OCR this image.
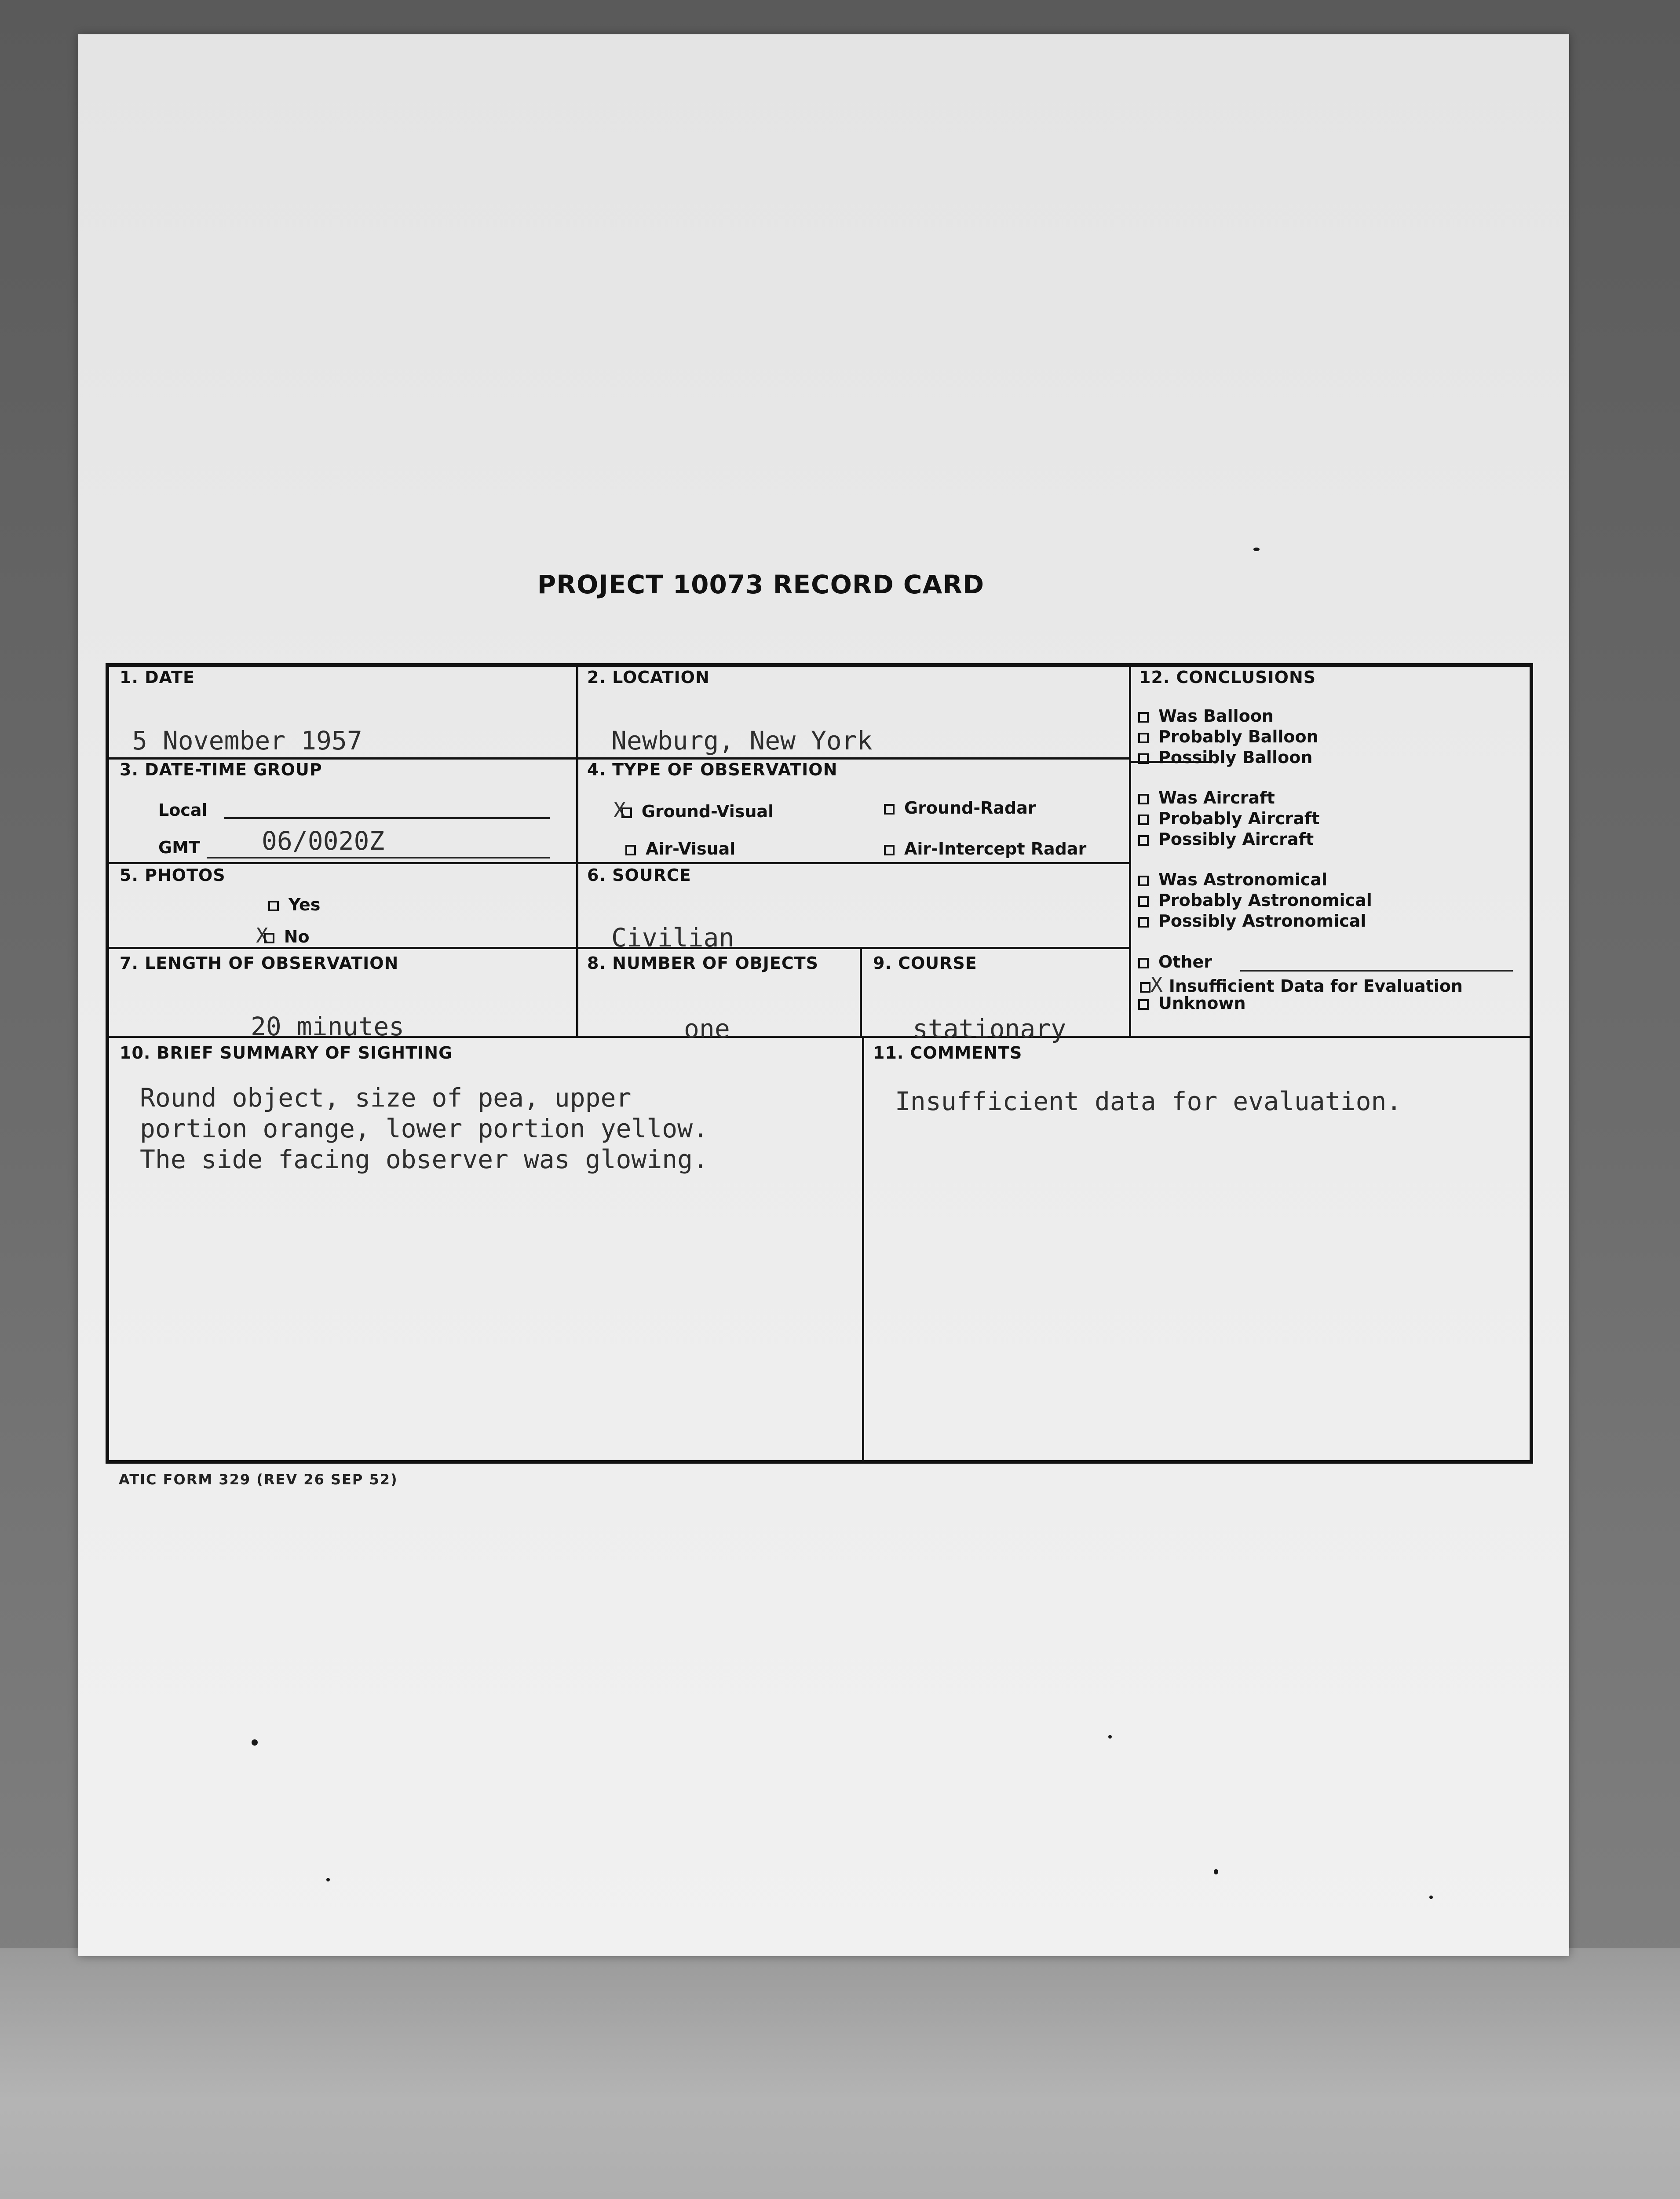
PROJECT 10073 RECORD CARD
1. DATE
5 November 1957
2. LOCATION
Newburg, New York
3. DATE-TIME GROUP
Local
GMT 06/0020Z
4. TYPE OF OBSERVATION
X Ground-Visual	Ground-Radar
Air-Visual	Air-Intercept Radar
5. PHOTOS
Yes
X No
6. SOURCE
Civilian
7. LENGTH OF OBSERVATION
20 minutes
8. NUMBER OF OBJECTS
one
9. COURSE
stationary
10. BRIEF SUMMARY OF SIGHTING
Round object, size of pea, upper
portion orange, lower portion yellow.
The side facing observer was glowing.
11. COMMENTS
Insufficient data for evaluation.
12. CONCLUSIONS
Was Balloon
Probably Balloon
Possibly Balloon
Was Aircraft
Probably Aircraft
Possibly Aircraft
Was Astronomical
Probably Astronomical
Possibly Astronomical
Other
X Insufficient Data for Evaluation
Unknown
ATIC FORM 329 (REV 26 SEP 52)
